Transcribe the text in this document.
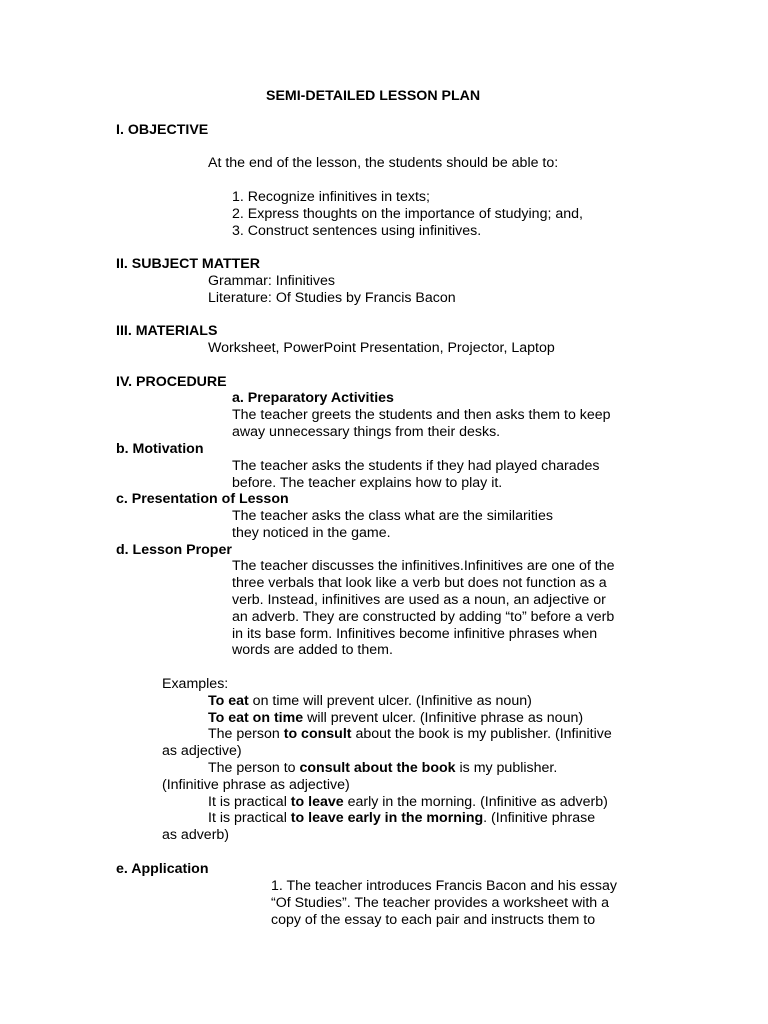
SEMI-DETAILED LESSON PLAN
I. OBJECTIVE
At the end of the lesson, the students should be able to:
1. Recognize infinitives in texts;
2. Express thoughts on the importance of studying; and,
3. Construct sentences using infinitives.
II. SUBJECT MATTER
Grammar: Infinitives
Literature: Of Studies by Francis Bacon
III. MATERIALS
Worksheet, PowerPoint Presentation, Projector, Laptop
IV. PROCEDURE
a. Preparatory Activities
The teacher greets the students and then asks them to keep
away unnecessary things from their desks.
b. Motivation
The teacher asks the students if they had played charades
before. The teacher explains how to play it.
c. Presentation of Lesson
The teacher asks the class what are the similarities
they noticed in the game.
d. Lesson Proper
The teacher discusses the infinitives.Infinitives are one of the
three verbals that look like a verb but does not function as a
verb. Instead, infinitives are used as a noun, an adjective or
an adverb. They are constructed by adding “to” before a verb
in its base form. Infinitives become infinitive phrases when
words are added to them.
Examples:
To eat on time will prevent ulcer. (Infinitive as noun)
To eat on time will prevent ulcer. (Infinitive phrase as noun)
The person to consult about the book is my publisher. (Infinitive
as adjective)
The person to consult about the book is my publisher.
(Infinitive phrase as adjective)
It is practical to leave early in the morning. (Infinitive as adverb)
It is practical to leave early in the morning. (Infinitive phrase
as adverb)
e. Application
1. The teacher introduces Francis Bacon and his essay
“Of Studies”. The teacher provides a worksheet with a
copy of the essay to each pair and instructs them to
